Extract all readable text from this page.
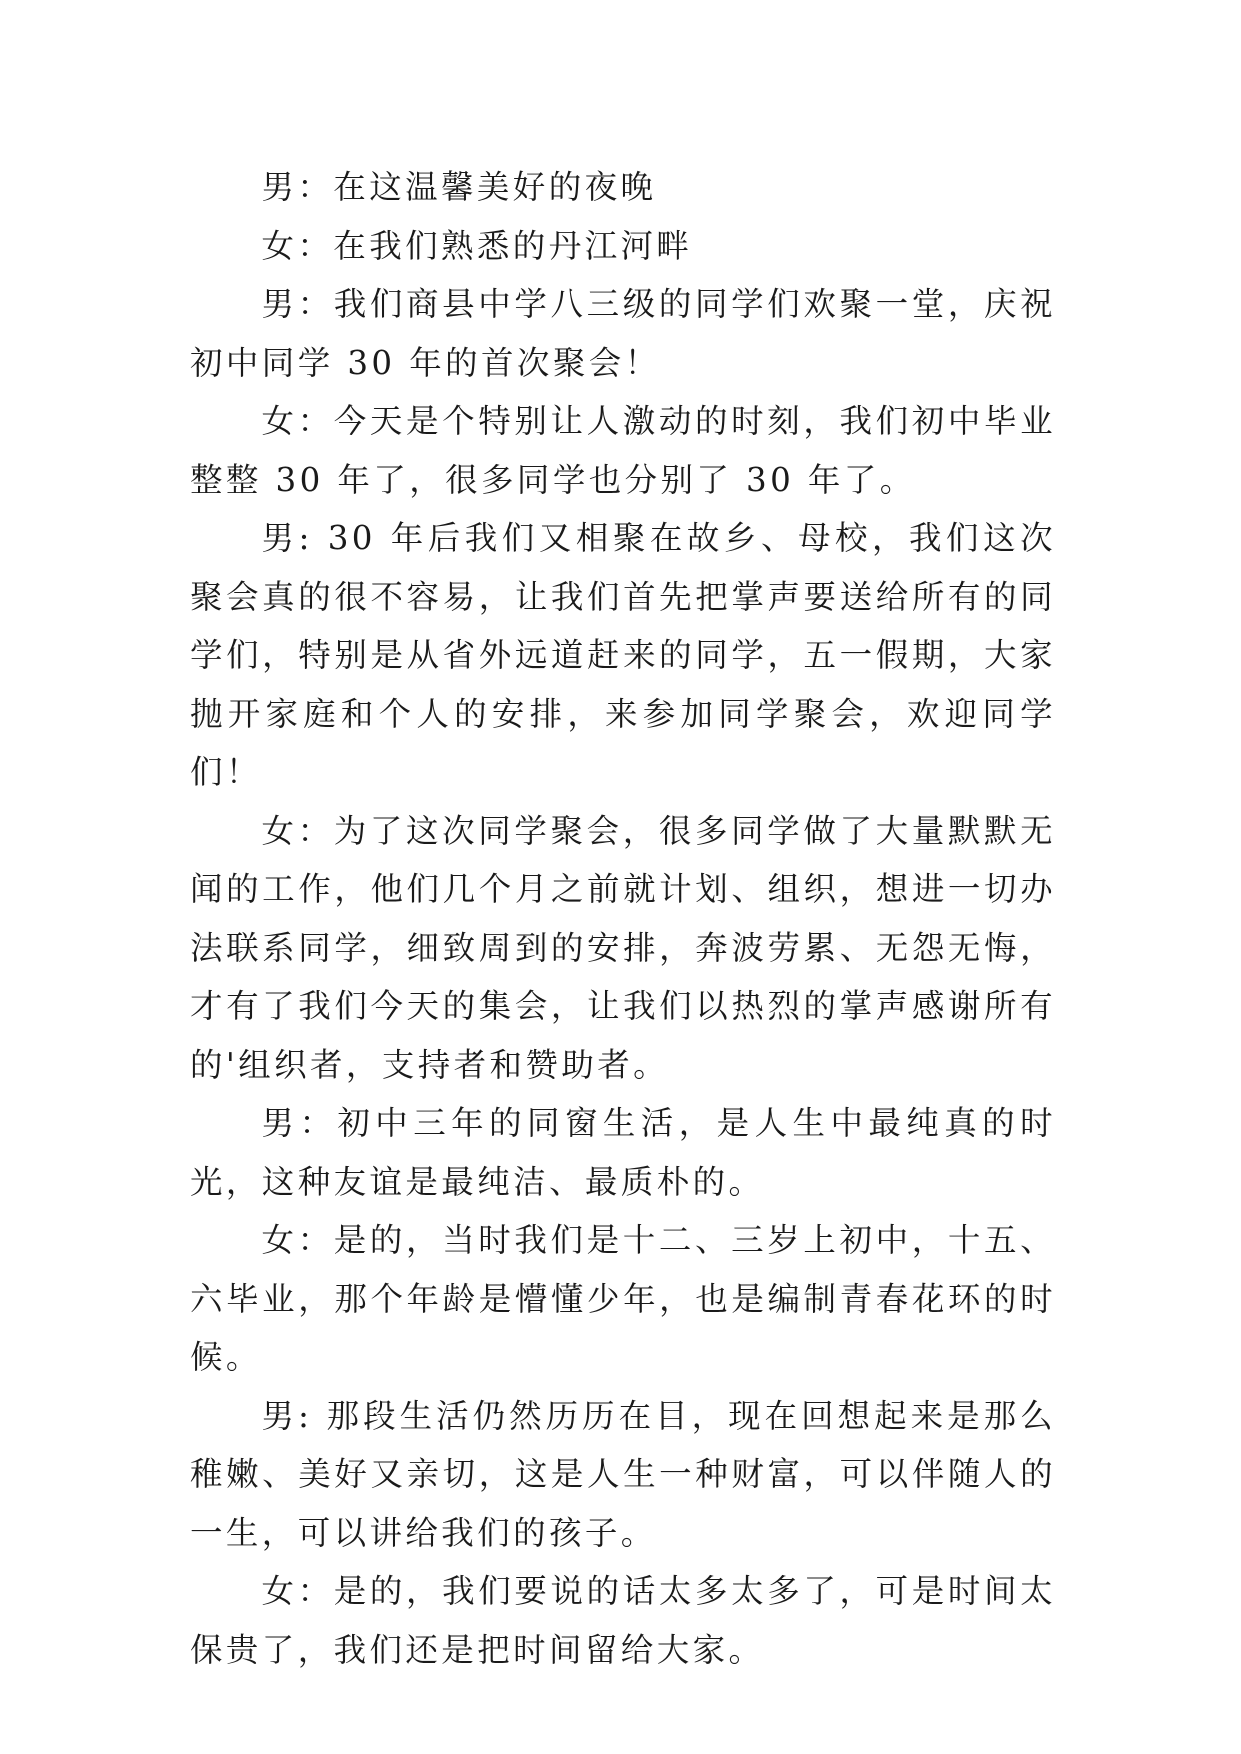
男：在这温馨美好的夜晚

女：在我们熟悉的丹江河畔

男：我们商县中学八三级的同学们欢聚一堂，庆祝初中同学 30 年的首次聚会！

女：今天是个特别让人激动的时刻，我们初中毕业整整 30 年了，很多同学也分别了 30 年了。

男: 30 年后我们又相聚在故乡、母校，我们这次聚会真的很不容易，让我们首先把掌声要送给所有的同学们，特别是从省外远道赶来的同学，五一假期，大家抛开家庭和个人的安排，来参加同学聚会，欢迎同学们！

女：为了这次同学聚会，很多同学做了大量默默无闻的工作，他们几个月之前就计划、组织，想进一切办法联系同学，细致周到的安排，奔波劳累、无怨无悔，才有了我们今天的集会，让我们以热烈的掌声感谢所有的'组织者，支持者和赞助者。

男：初中三年的同窗生活，是人生中最纯真的时光，这种友谊是最纯洁、最质朴的。

女：是的，当时我们是十二、三岁上初中，十五、六毕业，那个年龄是懵懂少年，也是编制青春花环的时候。

男: 那段生活仍然历历在目，现在回想起来是那么稚嫩、美好又亲切，这是人生一种财富，可以伴随人的一生，可以讲给我们的孩子。

女：是的，我们要说的话太多太多了，可是时间太保贵了，我们还是把时间留给大家。
